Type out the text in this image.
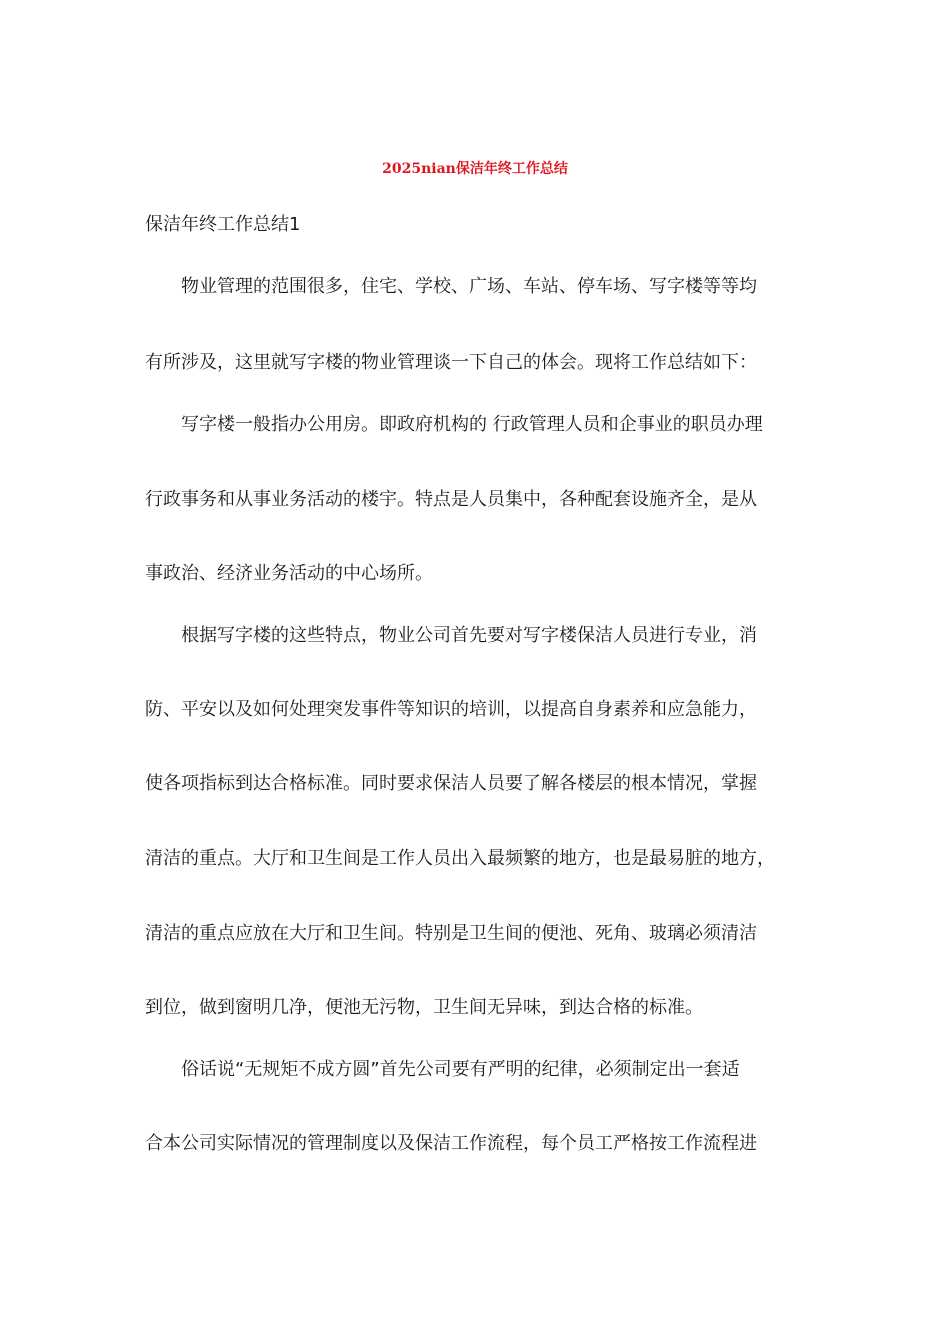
2025nian保洁年终工作总结

保洁年终工作总结1

物业管理的范围很多，住宅、学校、广场、车站、停车场、写字楼等等均

有所涉及，这里就写字楼的物业管理谈一下自己的体会。现将工作总结如下：

写字楼一般指办公用房。即政府机构的 行政管理人员和企事业的职员办理

行政事务和从事业务活动的楼宇。特点是人员集中，各种配套设施齐全，是从

事政治、经济业务活动的中心场所。

根据写字楼的这些特点，物业公司首先要对写字楼保洁人员进行专业，消

防、平安以及如何处理突发事件等知识的培训，以提高自身素养和应急能力，

使各项指标到达合格标准。同时要求保洁人员要了解各楼层的根本情况，掌握

清洁的重点。大厅和卫生间是工作人员出入最频繁的地方，也是最易脏的地方，

清洁的重点应放在大厅和卫生间。特别是卫生间的便池、死角、玻璃必须清洁

到位，做到窗明几净，便池无污物，卫生间无异味，到达合格的标准。

俗话说“无规矩不成方圆”首先公司要有严明的纪律，必须制定出一套适

合本公司实际情况的管理制度以及保洁工作流程，每个员工严格按工作流程进
